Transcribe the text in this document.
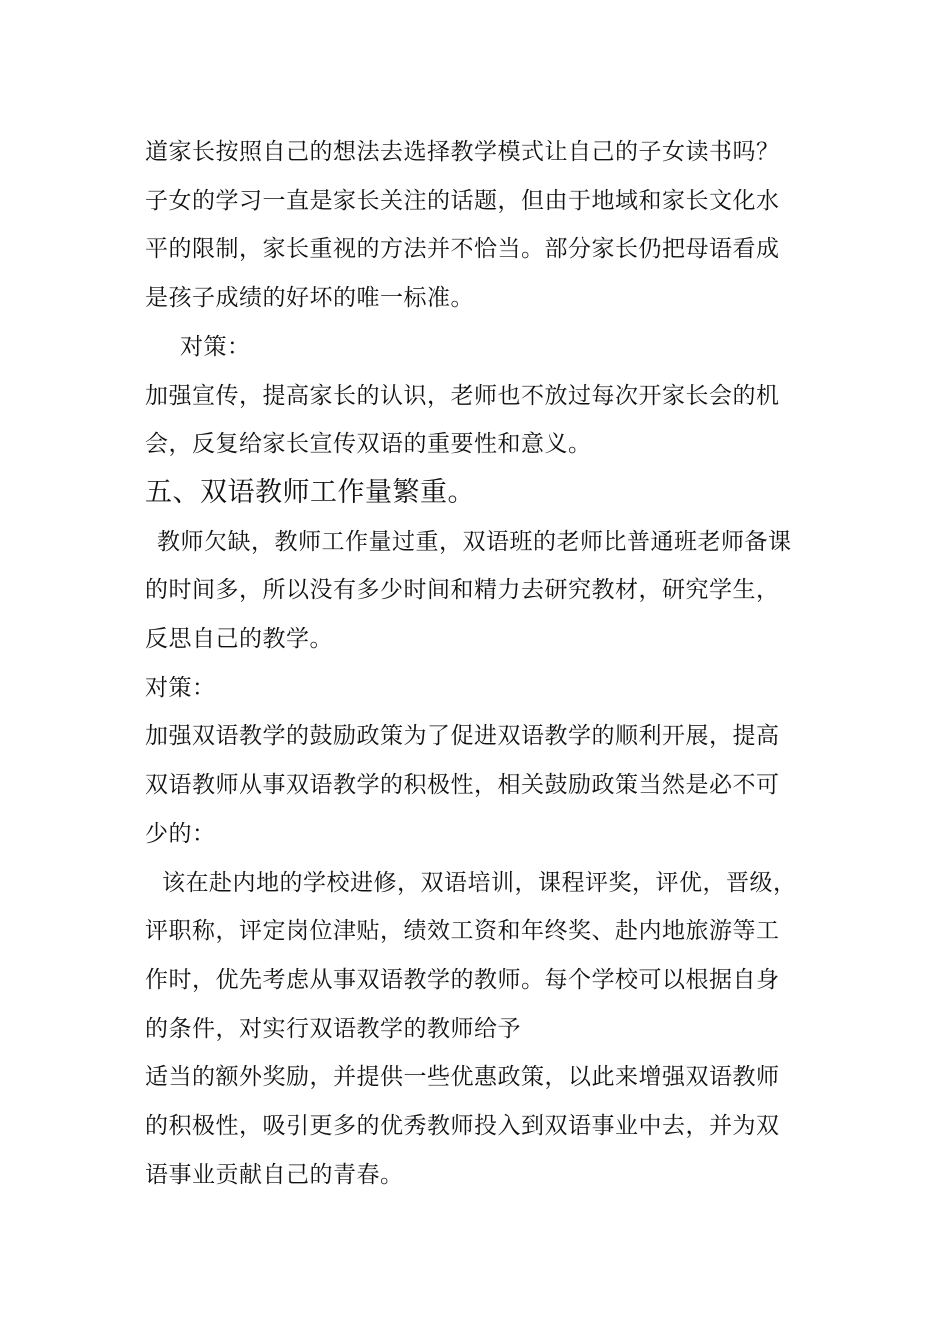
道家长按照自己的想法去选择教学模式让自己的子女读书吗？
子女的学习一直是家长关注的话题，但由于地域和家长文化水
平的限制，家长重视的方法并不恰当。部分家长仍把母语看成
是孩子成绩的好坏的唯一标准。
对策：
加强宣传，提高家长的认识，老师也不放过每次开家长会的机
会，反复给家长宣传双语的重要性和意义。
五、双语教师工作量繁重。
教师欠缺，教师工作量过重，双语班的老师比普通班老师备课
的时间多，所以没有多少时间和精力去研究教材，研究学生，
反思自己的教学。
对策：
加强双语教学的鼓励政策为了促进双语教学的顺利开展，提高
双语教师从事双语教学的积极性，相关鼓励政策当然是必不可
少的：
该在赴内地的学校进修，双语培训，课程评奖，评优，晋级，
评职称，评定岗位津贴，绩效工资和年终奖、赴内地旅游等工
作时，优先考虑从事双语教学的教师。每个学校可以根据自身
的条件，对实行双语教学的教师给予
适当的额外奖励，并提供一些优惠政策，以此来增强双语教师
的积极性，吸引更多的优秀教师投入到双语事业中去，并为双
语事业贡献自己的青春。
